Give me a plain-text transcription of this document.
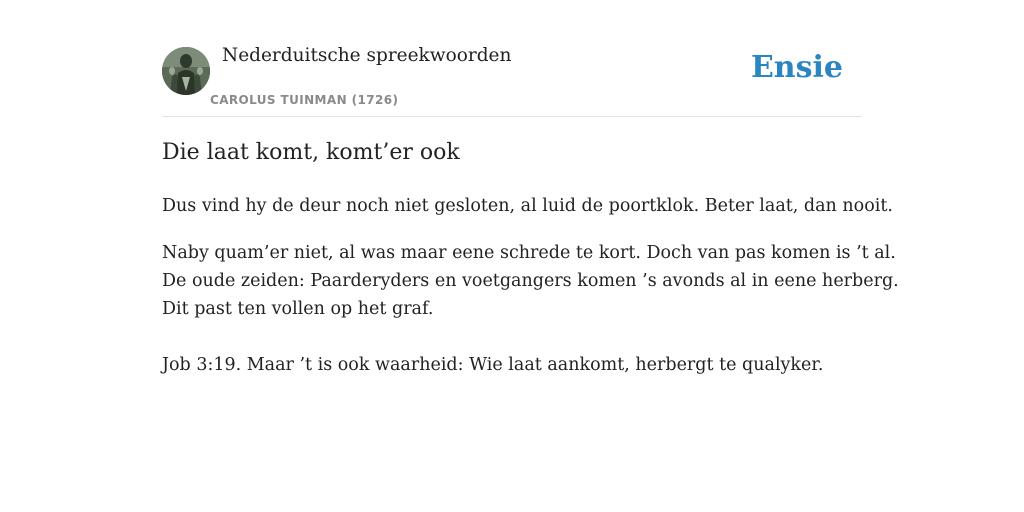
Nederduitsche spreekwoorden
CAROLUS TUINMAN (1726)
Ensie
Die laat komt, komt’er ook

Dus vind hy de deur noch niet gesloten, al luid de poortklok. Beter laat, dan nooit.

Naby quam’er niet, al was maar eene schrede te kort. Doch van pas komen is ’t al.
De oude zeiden: Paarderyders en voetgangers komen ’s avonds al in eene herberg.
Dit past ten vollen op het graf.

Job 3:19. Maar ’t is ook waarheid: Wie laat aankomt, herbergt te qualyker.
